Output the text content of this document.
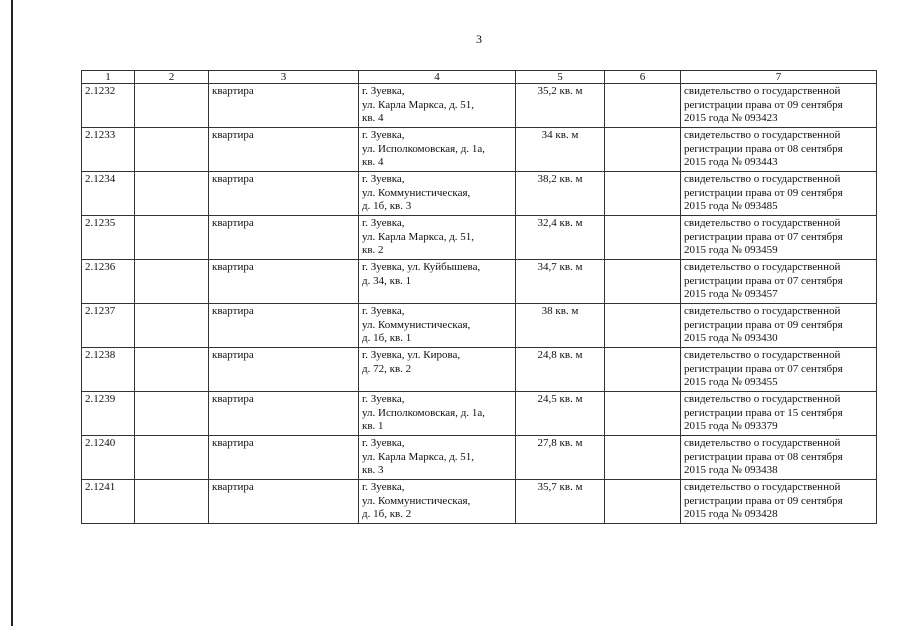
3
1	2	3	4	5	6	7
2.1232		квартира	г. Зуевка,
ул. Карла Маркса, д. 51,
кв. 4	35,2 кв. м		свидетельство о государственной
регистрации права от 09 сентября
2015 года № 093423
2.1233		квартира	г. Зуевка,
ул. Исполкомовская, д. 1а,
кв. 4	34 кв. м		свидетельство о государственной
регистрации права от 08 сентября
2015 года № 093443
2.1234		квартира	г. Зуевка,
ул. Коммунистическая,
д. 1б, кв. 3	38,2 кв. м		свидетельство о государственной
регистрации права от 09 сентября
2015 года № 093485
2.1235		квартира	г. Зуевка,
ул. Карла Маркса, д. 51,
кв. 2	32,4 кв. м		свидетельство о государственной
регистрации права от 07 сентября
2015 года № 093459
2.1236		квартира	г. Зуевка, ул. Куйбышева,
д. 34, кв. 1	34,7 кв. м		свидетельство о государственной
регистрации права от 07 сентября
2015 года № 093457
2.1237		квартира	г. Зуевка,
ул. Коммунистическая,
д. 1б, кв. 1	38 кв. м		свидетельство о государственной
регистрации права от 09 сентября
2015 года № 093430
2.1238		квартира	г. Зуевка, ул. Кирова,
д. 72, кв. 2	24,8 кв. м		свидетельство о государственной
регистрации права от 07 сентября
2015 года № 093455
2.1239		квартира	г. Зуевка,
ул. Исполкомовская, д. 1а,
кв. 1	24,5 кв. м		свидетельство о государственной
регистрации права от 15 сентября
2015 года № 093379
2.1240		квартира	г. Зуевка,
ул. Карла Маркса, д. 51,
кв. 3	27,8 кв. м		свидетельство о государственной
регистрации права от 08 сентября
2015 года № 093438
2.1241		квартира	г. Зуевка,
ул. Коммунистическая,
д. 1б, кв. 2	35,7 кв. м		свидетельство о государственной
регистрации права от 09 сентября
2015 года № 093428
